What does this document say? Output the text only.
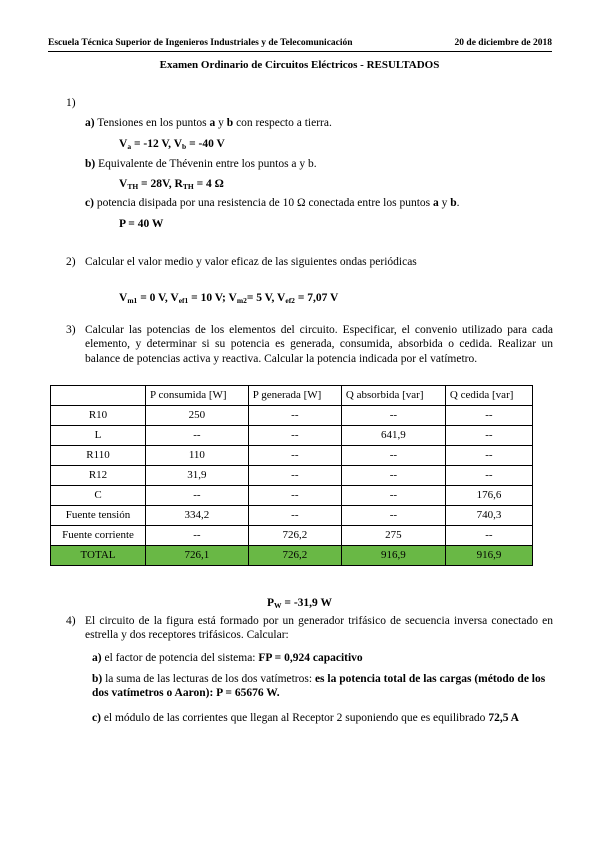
Escuela Técnica Superior de Ingenieros Industriales y de Telecomunicación	20 de diciembre de 2018
Examen Ordinario de Circuitos Eléctricos - RESULTADOS
1)
a) Tensiones en los puntos a y b con respecto a tierra.
$V_a = -12$ V, $V_b = -40$ V
b) Equivalente de Thévenin entre los puntos a y b.
$V_{TH} = 28V$, $R_{TH} = 4$ Ω
c) potencia disipada por una resistencia de 10 Ω conectada entre los puntos a y b.
P = 40 W
2) Calcular el valor medio y valor eficaz de las siguientes ondas periódicas
$V_{m1} = 0$ V, $V_{ef1} = 10$ V; $V_{m2}= 5$ V, $V_{ef2} = 7,07$ V
3) Calcular las potencias de los elementos del circuito. Especificar, el convenio utilizado para cada elemento, y determinar si su potencia es generada, consumida, absorbida o cedida. Realizar un balance de potencias activa y reactiva. Calcular la potencia indicada por el vatímetro.
	P consumida [W]	P generada [W]	Q absorbida [var]	Q cedida [var]
R10	250	--	--	--
L	--	--	641,9	--
R110	110	--	--	--
R12	31,9	--	--	--
C	--	--	--	176,6
Fuente tensión	334,2	--	--	740,3
Fuente corriente	--	726,2	275	--
TOTAL	726,1	726,2	916,9	916,9
$P_W = -31,9$ W
4) El circuito de la figura está formado por un generador trifásico de secuencia inversa conectado en estrella y dos receptores trifásicos. Calcular:
a) el factor de potencia del sistema: FP = 0,924 capacitivo
b) la suma de las lecturas de los dos vatímetros: es la potencia total de las cargas (método de los dos vatímetros o Aaron): P = 65676 W.
c) el módulo de las corrientes que llegan al Receptor 2 suponiendo que es equilibrado 72,5 A
